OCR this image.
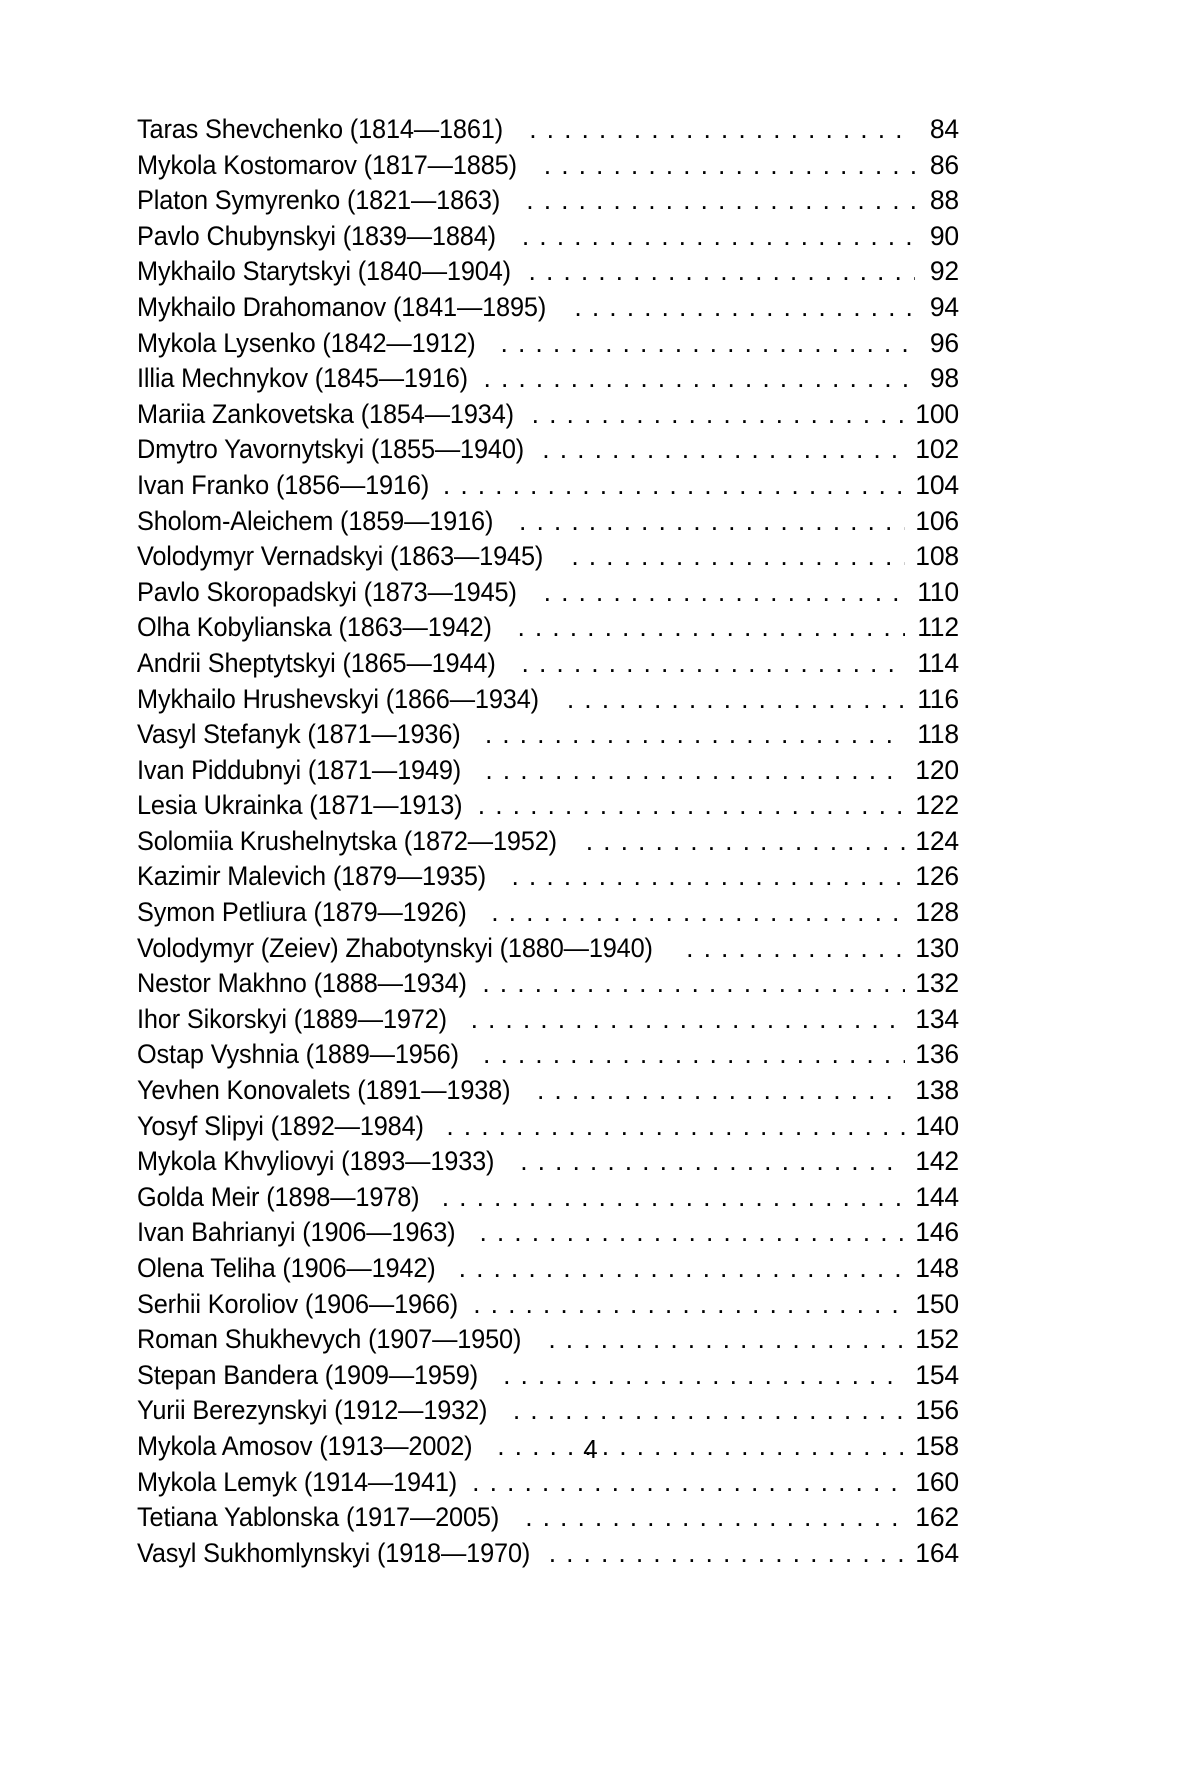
Taras Shevchenko (1814—1861) . . .	84
Mykola Kostomarov (1817—1885) . . .	86
Platon Symyrenko (1821—1863) . . .	88
Pavlo Chubynskyi (1839—1884) . . .	90
Mykhailo Starytskyi (1840—1904) . . .	92
Mykhailo Drahomanov (1841—1895) . . .	94
Mykola Lysenko (1842—1912) . . .	96
Illia Mechnykov (1845—1916) . . .	98
Mariia Zankovetska (1854—1934) . . .	100
Dmytro Yavornytskyi (1855—1940) . . .	102
Ivan Franko (1856—1916) . . .	104
Sholom-Aleichem (1859—1916) . . .	106
Volodymyr Vernadskyi (1863—1945) . . .	108
Pavlo Skoropadskyi (1873—1945) . . .	110
Olha Kobylianska (1863—1942) . . .	112
Andrii Sheptytskyi (1865—1944) . . .	114
Mykhailo Hrushevskyi (1866—1934) . . .	116
Vasyl Stefanyk (1871—1936) . . .	118
Ivan Piddubnyi (1871—1949) . . .	120
Lesia Ukrainka (1871—1913) . . .	122
Solomiia Krushelnytska (1872—1952) . . .	124
Kazimir Malevich (1879—1935) . . .	126
Symon Petliura (1879—1926) . . .	128
Volodymyr (Zeiev) Zhabotynskyi (1880—1940) . . .	130
Nestor Makhno (1888—1934) . . .	132
Ihor Sikorskyi (1889—1972) . . .	134
Ostap Vyshnia (1889—1956) . . .	136
Yevhen Konovalets (1891—1938) . . .	138
Yosyf Slipyi (1892—1984) . . .	140
Mykola Khvyliovyi (1893—1933) . . .	142
Golda Meir (1898—1978) . . .	144
Ivan Bahrianyi (1906—1963) . . .	146
Olena Teliha (1906—1942) . . .	148
Serhii Koroliov (1906—1966) . . .	150
Roman Shukhevych (1907—1950) . . .	152
Stepan Bandera (1909—1959) . . .	154
Yurii Berezynskyi (1912—1932) . . .	156
Mykola Amosov (1913—2002) . . .	158
Mykola Lemyk (1914—1941) . . .	160
Tetiana Yablonska (1917—2005) . . .	162
Vasyl Sukhomlynskyi (1918—1970) . . .	164
4
